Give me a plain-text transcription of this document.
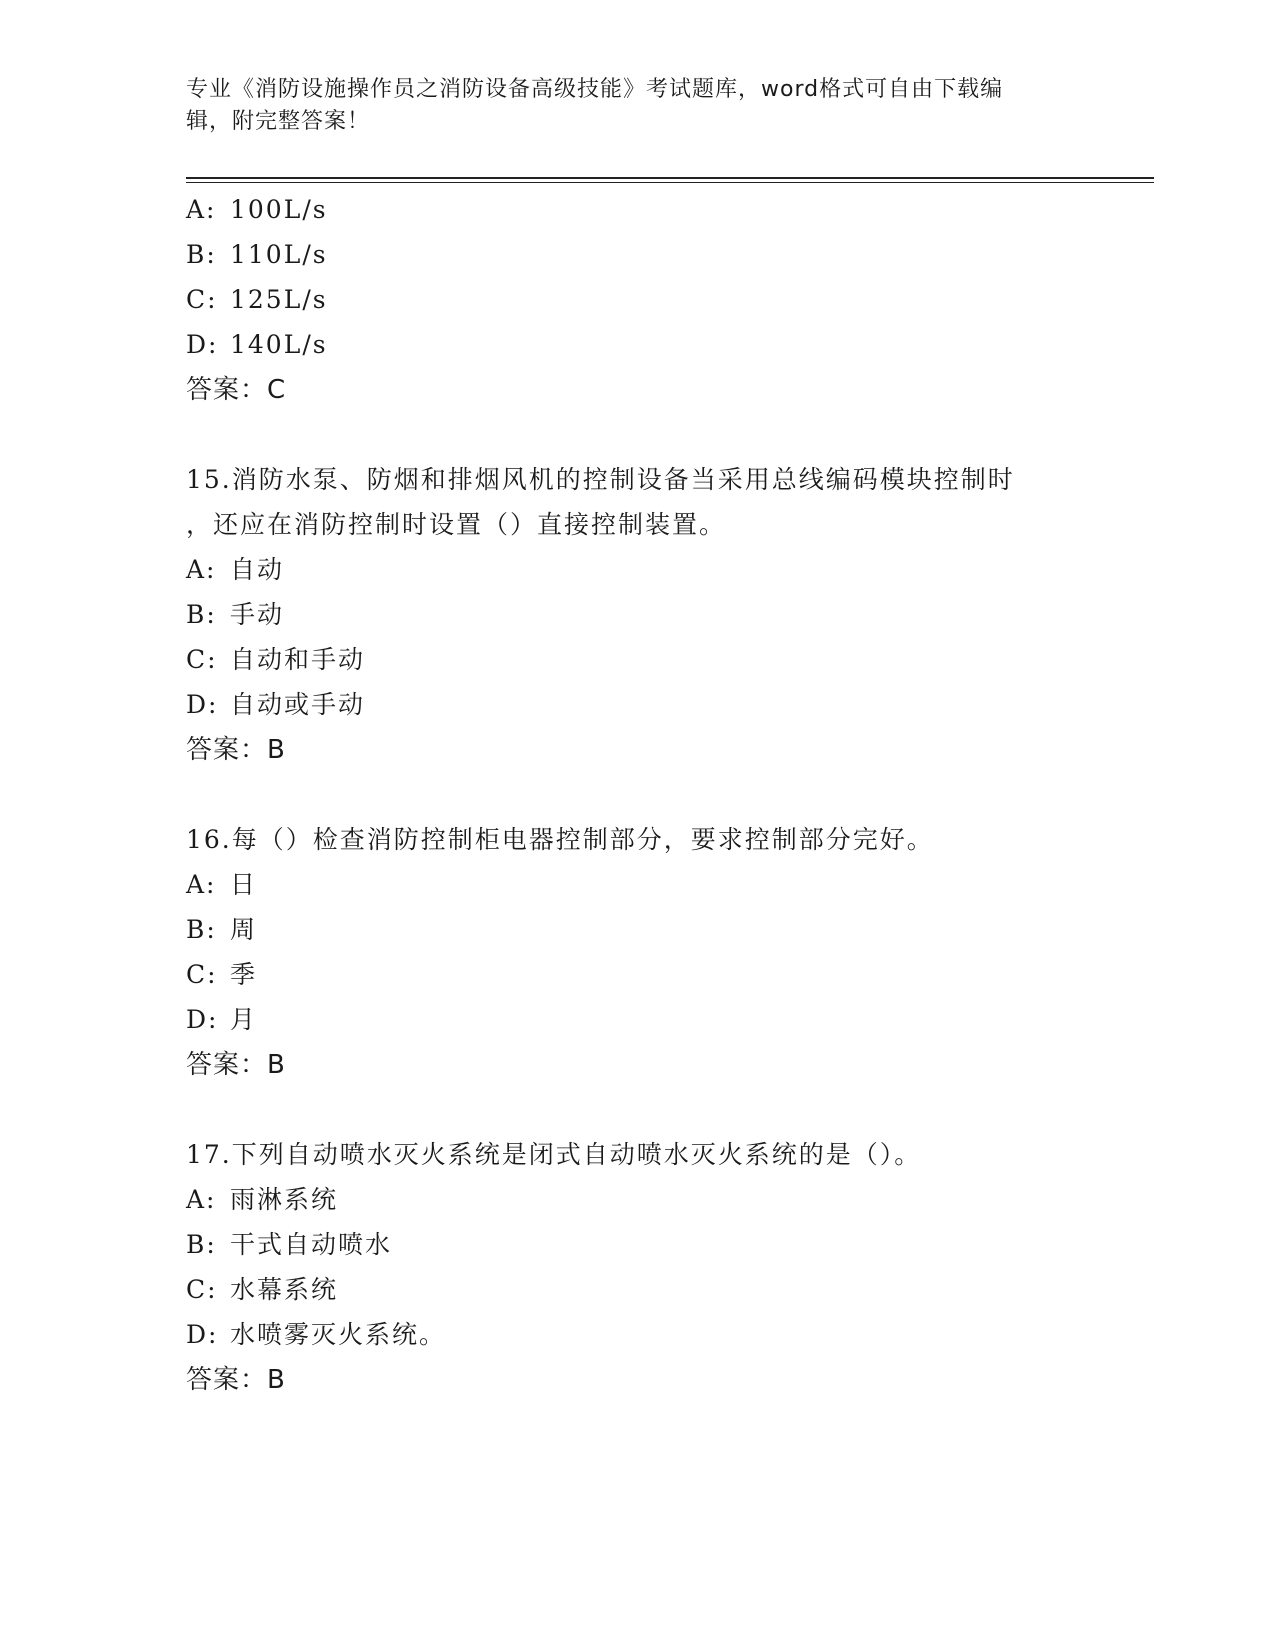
专业《消防设施操作员之消防设备高级技能》考试题库，word格式可自由下载编
辑，附完整答案！
A: 100L/s
B: 110L/s
C: 125L/s
D: 140L/s
答案：C
15.消防水泵、防烟和排烟风机的控制设备当采用总线编码模块控制时
，还应在消防控制时设置（）直接控制装置。
A: 自动
B: 手动
C: 自动和手动
D: 自动或手动
答案：B
16.每（）检查消防控制柜电器控制部分，要求控制部分完好。
A: 日
B: 周
C: 季
D: 月
答案：B
17.下列自动喷水灭火系统是闭式自动喷水灭火系统的是（）。
A: 雨淋系统
B: 干式自动喷水
C: 水幕系统
D: 水喷雾灭火系统。
答案：B
